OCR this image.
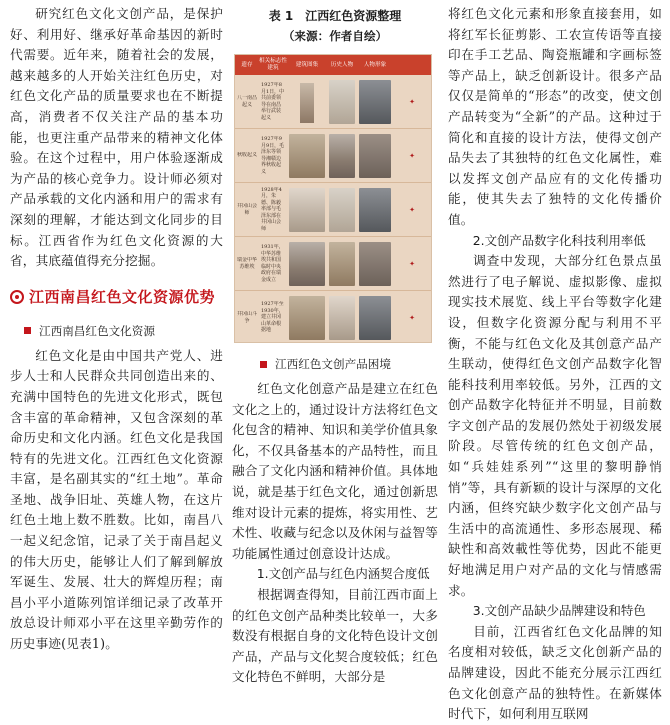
研究红色文化文创产品，是保护好、利用好、继承好革命基因的新时代需要。近年来，随着社会的发展，越来越多的人开始关注红色历史，对红色文化产品的质量要求也在不断提高，消费者不仅关注产品的基本功能，也更注重产品带来的精神文化体验。在这个过程中，用户体验逐渐成为产品的核心竞争力。设计师必须对产品承载的文化内涵和用户的需求有深刻的理解，才能达到文化同步的目标。江西省作为红色文化资源的大省，其底蕴值得充分挖掘。

江西南昌红色文化资源优势
江西南昌红色文化资源

红色文化是由中国共产党人、进步人士和人民群众共同创造出来的、充满中国特色的先进文化形式，既包含丰富的革命精神，又包含深刻的革命历史和文化内涵。红色文化是我国特有的先进文化。江西红色文化资源丰富，是名副其实的“红土地”。革命圣地、战争旧址、英雄人物，在这片红色土地上数不胜数。比如，南昌八一起义纪念馆，记录了关于南昌起义的伟大历史，能够让人们了解到解放军诞生、发展、壮大的辉煌历程；南昌小平小道陈列馆详细记录了改革开放总设计师邓小平在这里辛勤劳作的历史事迹(见表1)。

表 1　江西红色资源整理
（来源：作者自绘）
遗存
相关标志性建筑
建筑图集	历史人物	人物形象
八一南昌起义
1927年8月1日，中共前委领导在南昌举行武装起义
✦
秋收起义
1927年9月9日，毛泽东等领导湘赣边界秋收起义
✦
井冈山会师
1928年4月，朱德、陈毅率部与毛泽东部在井冈山会师
✦
瑞金中华苏维埃
1931年，中华苏维埃共和国临时中央政府在瑞金成立
✦
井冈山斗争
1927年至1930年，建立井冈山革命根据地
✦
江西红色文创产品困境

红色文化创意产品是建立在红色文化之上的，通过设计方法将红色文化包含的精神、知识和美学价值具象化，不仅具备基本的产品特性，而且融合了文化内涵和精神价值。具体地说，就是基于红色文化，通过创新思维对设计元素的提炼，将实用性、艺术性、收藏与纪念以及休闲与益智等功能属性通过创意设计达成。

1.文创产品与红色内涵契合度低

根据调查得知，目前江西市面上的红色文创产品种类比较单一，大多数没有根据自身的文化特色设计文创产品，产品与文化契合度较低；红色文化特色不鲜明，大部分是

将红色文化元素和形象直接套用，如将红军长征剪影、工农宣传语等直接印在手工艺品、陶瓷瓶罐和字画标签等产品上，缺乏创新设计。很多产品仅仅是简单的“形态”的改变，使文创产品转变为“全新”的产品。这种过于简化和直接的设计方法，使得文创产品失去了其独特的红色文化属性，难以发挥文创产品应有的文化传播功能，使其失去了独特的文化传播价值。

2.文创产品数字化科技利用率低

调查中发现，大部分红色景点虽然进行了电子解说、虚拟影像、虚拟现实技术展览、线上平台等数字化建设，但数字化资源分配与利用不平衡，不能与红色文化及其创意产品产生联动，使得红色文创产品数字化智能科技利用率较低。另外，江西的文创产品数字化特征并不明显，目前数字文创产品的发展仍然处于初级发展阶段。尽管传统的红色文创产品，如“兵娃娃系列”“这里的黎明静悄悄”等，具有新颖的设计与深厚的文化内涵，但终究缺少数字化文创产品与生活中的高流通性、多形态展现、稀缺性和高效載性等优势，因此不能更好地满足用户对产品的文化与情感需求。

3.文创产品缺少品牌建设和特色

目前，江西省红色文化品牌的知名度相对较低，缺乏文化创新产品的品牌建设，因此不能充分展示江西红色文化创意产品的独特性。在新媒体时代下，如何利用互联网
